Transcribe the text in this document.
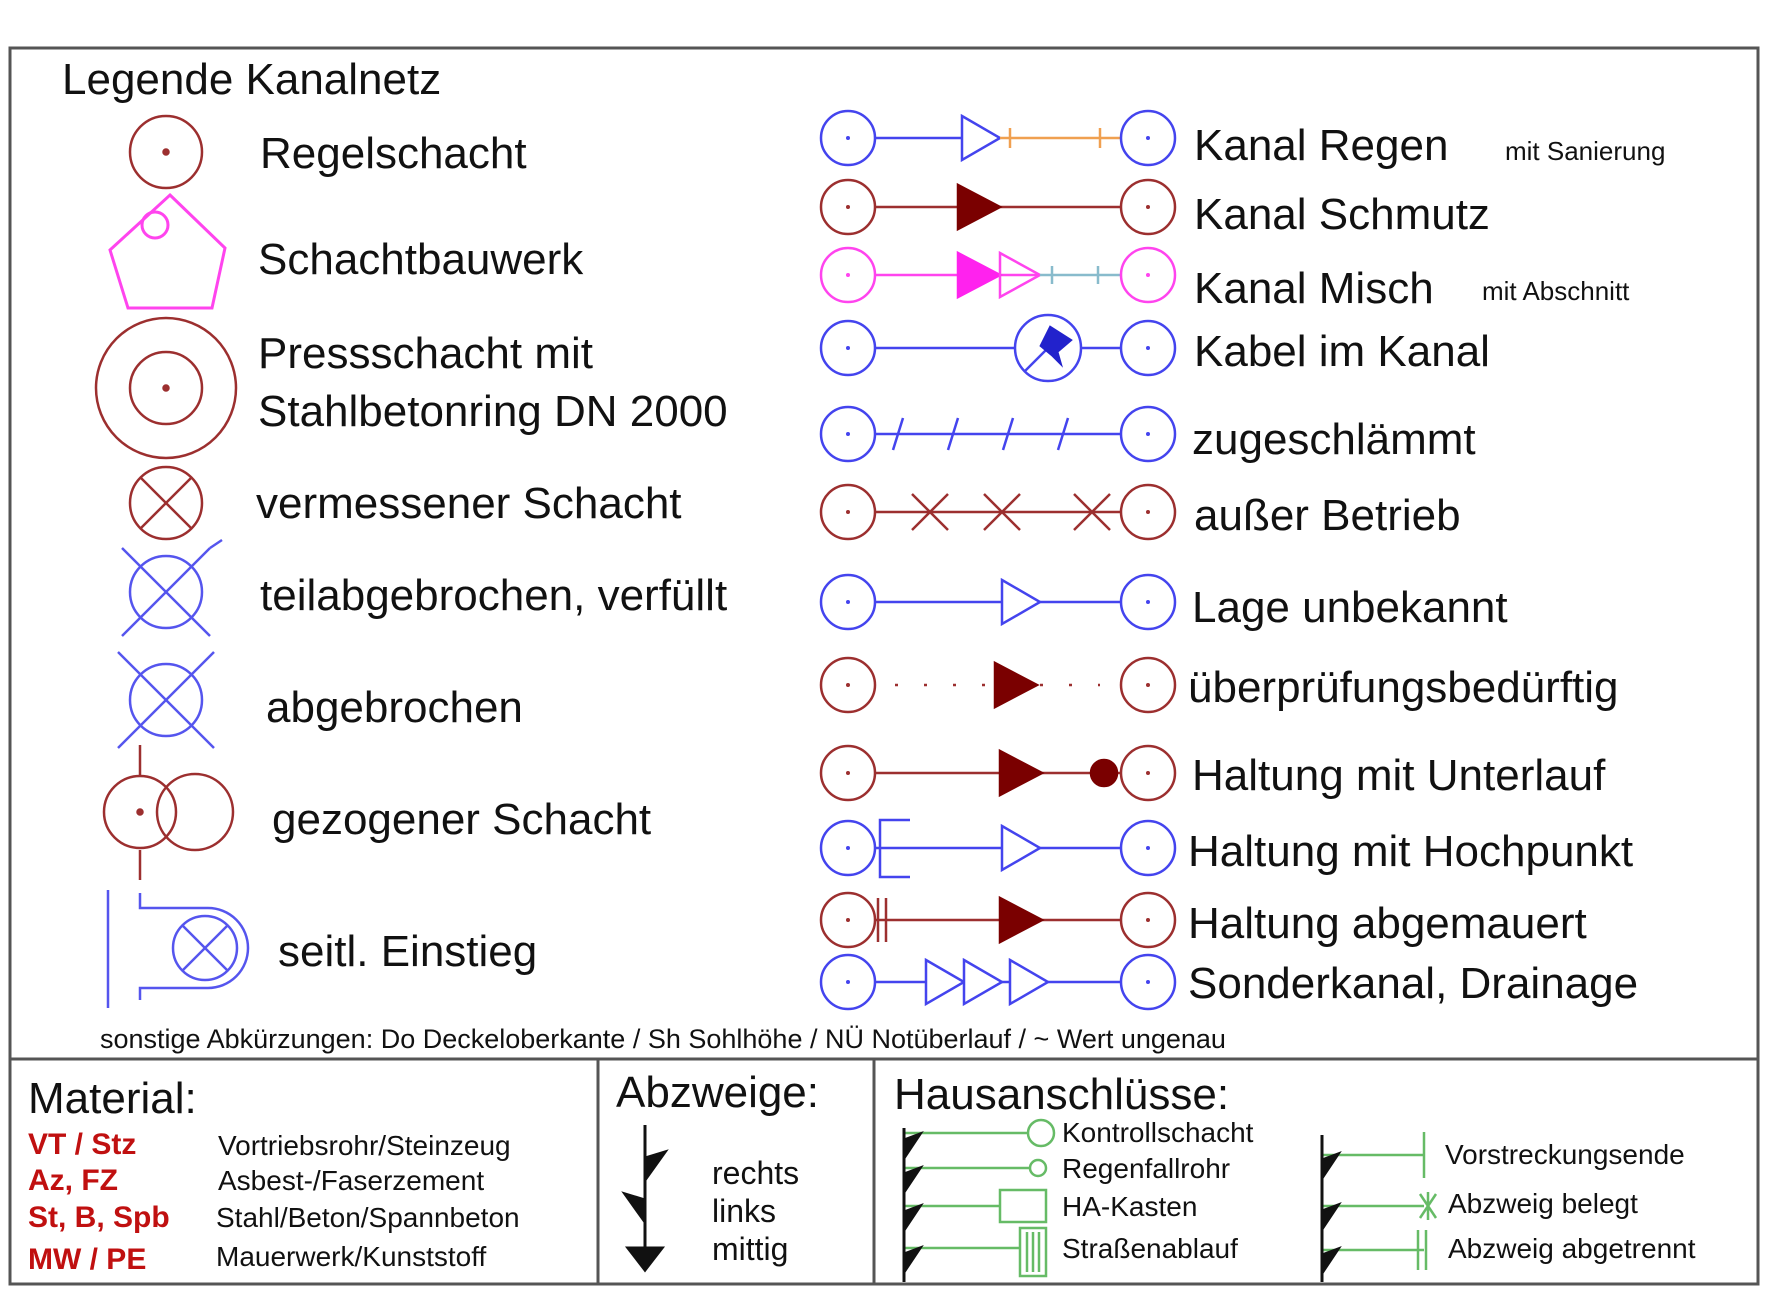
Legende Kanalnetz
Regelschacht
Schachtbauwerk
Pressschacht mit
Stahlbetonring DN 2000
vermessener Schacht
teilabgebrochen, verfüllt
abgebrochen
gezogener Schacht
seitl. Einstieg
Kanal Regen mit Sanierung
Kanal Schmutz
Kanal Misch mit Abschnitt
Kabel im Kanal
zugeschlämmt
außer Betrieb
Lage unbekannt
überprüfungsbedürftig
Haltung mit Unterlauf
Haltung mit Hochpunkt
Haltung abgemauert
Sonderkanal, Drainage
sonstige Abkürzungen: Do Deckeloberkante / Sh Sohlhöhe / NÜ Notüberlauf / ~ Wert ungenau
Material:
VT / Stz	Vortriebsrohr/Steinzeug
Az, FZ	Asbest-/Faserzement
St, B, Spb Stahl/Beton/Spannbeton
MW / PE Mauerwerk/Kunststoff
Abzweige:
rechts
links
mittig
Hausanschlüsse:
Kontrollschacht
Regenfallrohr
HA-Kasten
Straßenablauf
Vorstreckungsende
Abzweig belegt
Abzweig abgetrennt
